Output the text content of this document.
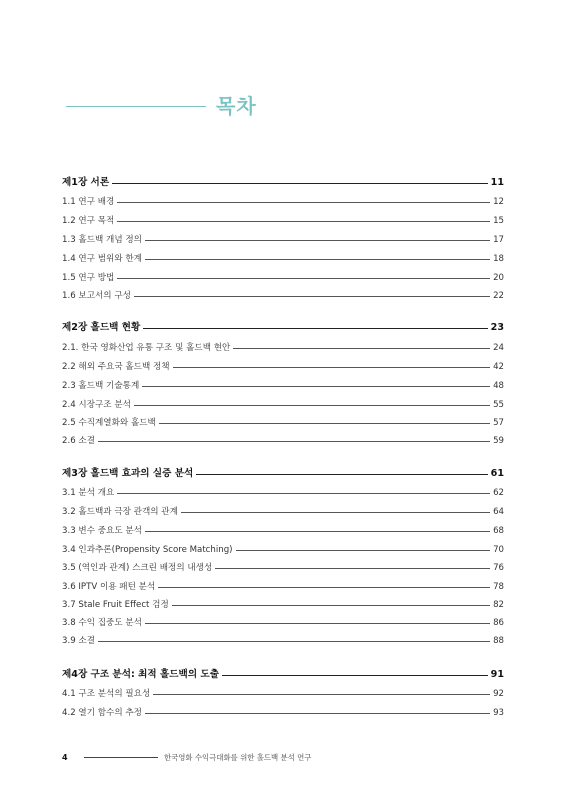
목차
제1장 서론	11
1.1 연구 배경	12
1.2 연구 목적	15
1.3 홀드백 개념 정의	17
1.4 연구 범위와 한계	18
1.5 연구 방법	20
1.6 보고서의 구성	22
제2장 홀드백 현황	23
2.1. 한국 영화산업 유통 구조 및 홀드백 현안	24
2.2 해외 주요국 홀드백 정책	42
2.3 홀드백 기술통계	48
2.4 시장구조 분석	55
2.5 수직계열화와 홀드백	57
2.6 소결	59
제3장 홀드백 효과의 실증 분석	61
3.1 분석 개요	62
3.2 홀드백과 극장 관객의 관계	64
3.3 변수 중요도 분석	68
3.4 인과추론(Propensity Score Matching)	70
3.5 (역인과 관계) 스크린 배정의 내생성	76
3.6 IPTV 이용 패턴 분석	78
3.7 Stale Fruit Effect 검정	82
3.8 수익 집중도 분석	86
3.9 소결	88
제4장 구조 분석: 최적 홀드백의 도출	91
4.1 구조 분석의 필요성	92
4.2 열기 함수의 추정	93
4	한국영화 수익극대화를 위한 홀드백 분석 연구
